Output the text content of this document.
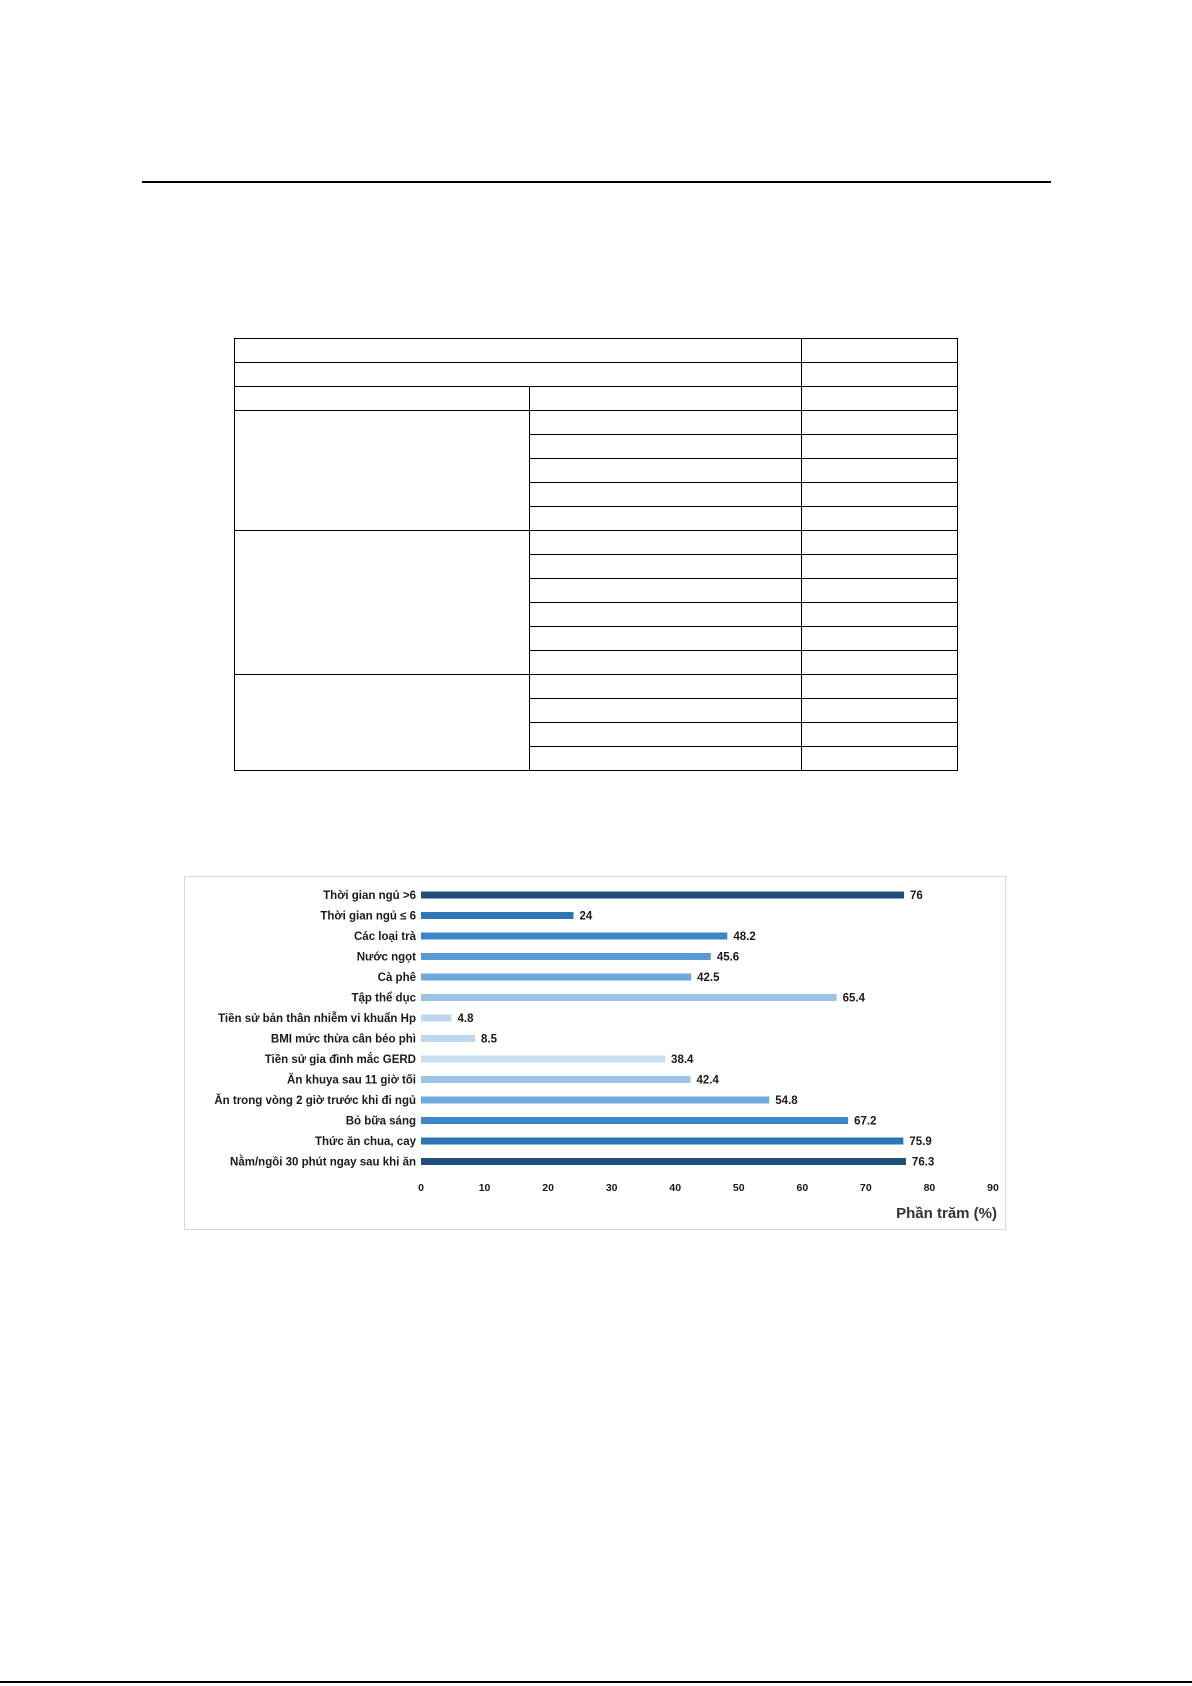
Thời gian ngủ >6
Thời gian ngủ ≤ 6
Các loại trà
Nước ngọt
Cà phê
Tập thể dục
Tiền sử bản thân nhiễm vi khuẩn Hp
BMI mức thừa cân béo phì
Tiền sử gia đình mắc GERD
Ăn khuya sau 11 giờ tối
Ăn trong vòng 2 giờ trước khi đi ngủ
Bỏ bữa sáng
Thức ăn chua, cay
Nằm/ngồi 30 phút ngay sau khi ăn
76
24
48.2
45.6
42.5
65.4
4.8
8.5
38.4
42.4
54.8
67.2
75.9
76.3
0	10	20	30	40	50	60	70	80	90
Phần trăm (%)
